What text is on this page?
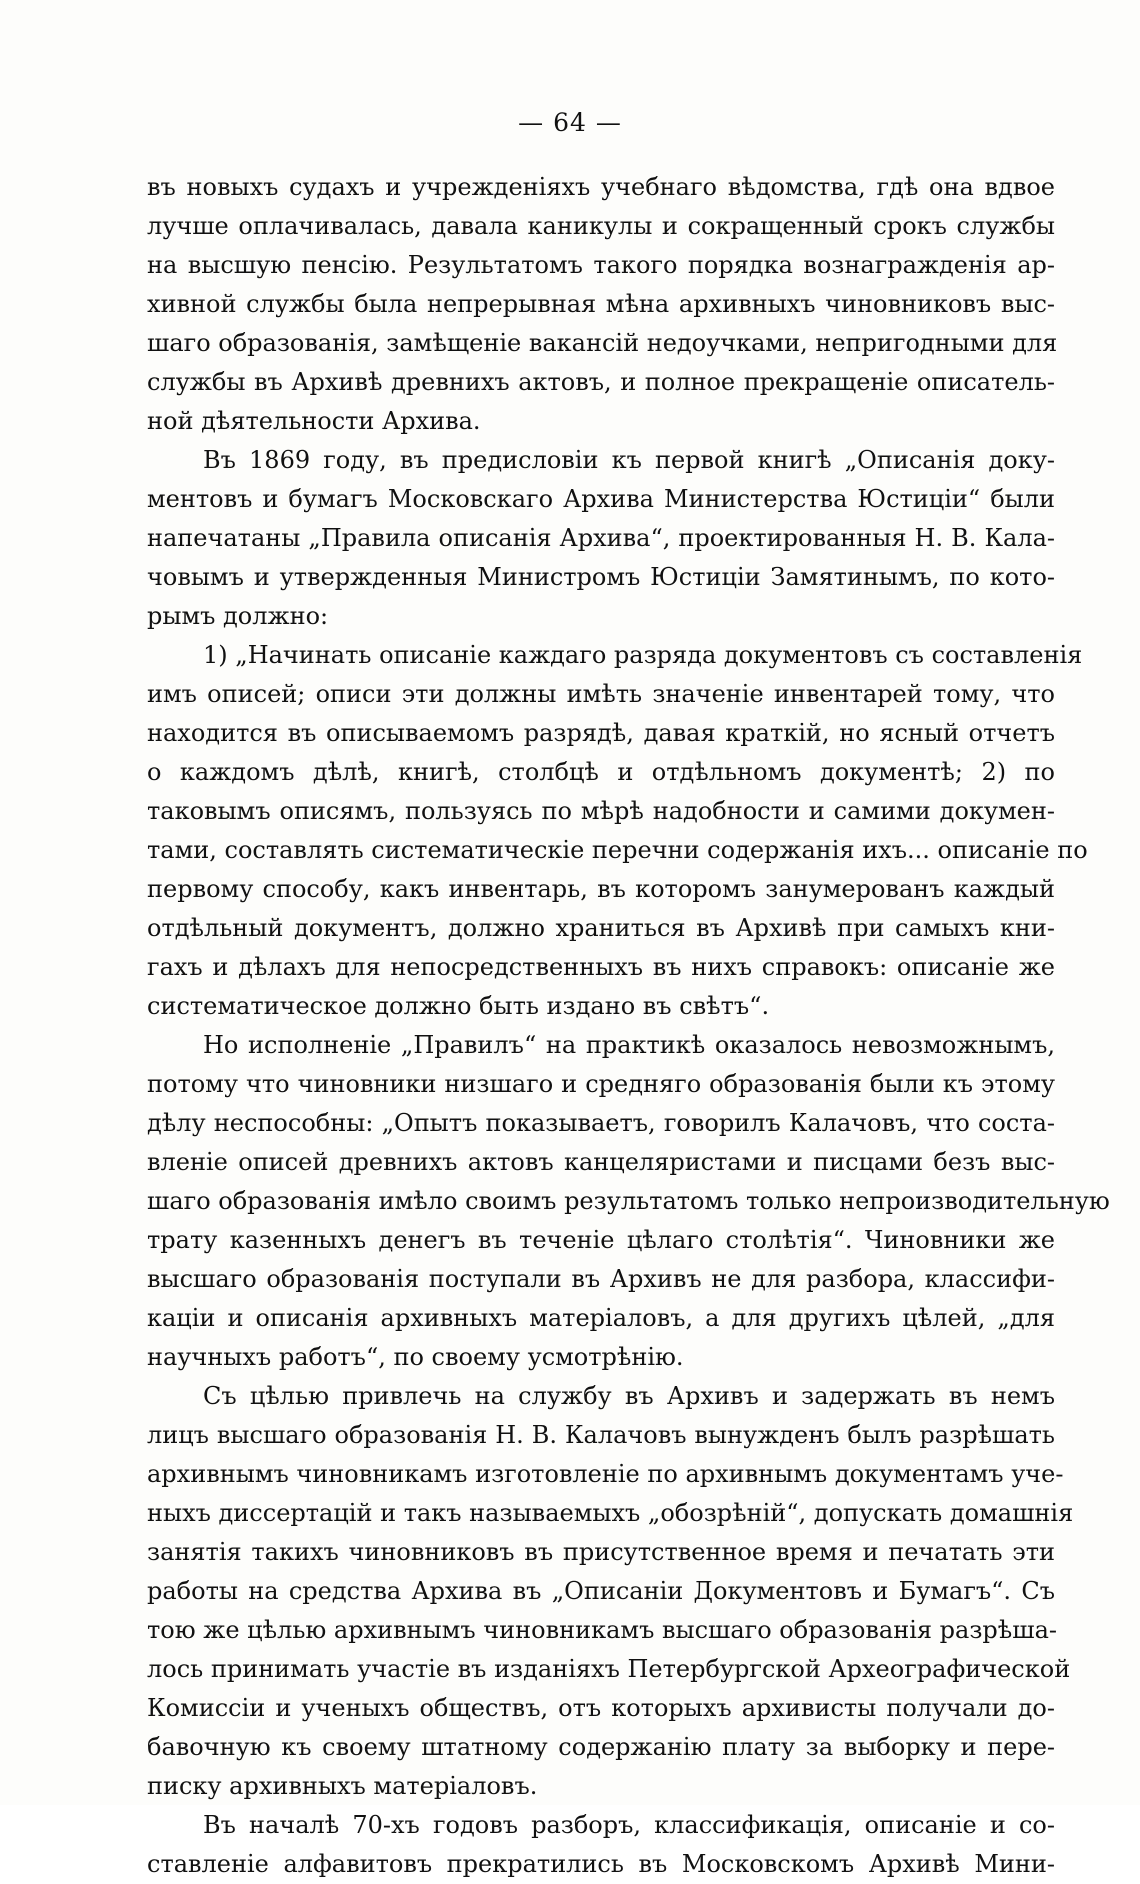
— 64 —

въ новыхъ судахъ и учрежденіяхъ учебнаго вѣдомства, гдѣ она вдвое
лучше оплачивалась, давала каникулы и сокращенный срокъ службы
на высшую пенсію. Результатомъ такого порядка вознагражденія ар-
хивной службы была непрерывная мѣна архивныхъ чиновниковъ выс-
шаго образованія, замѣщеніе вакансій недоучками, непригодными для
службы въ Архивѣ древнихъ актовъ, и полное прекращеніе описатель-
ной дѣятельности Архива.

Въ 1869 году, въ предисловіи къ первой книгѣ „Описанія доку-
ментовъ и бумагъ Московскаго Архива Министерства Юстиціи“ были
напечатаны „Правила описанія Архива“, проектированныя Н. В. Кала-
човымъ и утвержденныя Министромъ Юстиціи Замятинымъ, по кото-
рымъ должно:

1) „Начинать описаніе каждаго разряда документовъ съ составленія
имъ описей; описи эти должны имѣть значеніе инвентарей тому, что
находится въ описываемомъ разрядѣ, давая краткій, но ясный отчетъ
о каждомъ дѣлѣ, книгѣ, столбцѣ и отдѣльномъ документѣ; 2) по
таковымъ описямъ, пользуясь по мѣрѣ надобности и самими докумен-
тами, составлять систематическіе перечни содержанія ихъ... описаніе по
первому способу, какъ инвентарь, въ которомъ занумерованъ каждый
отдѣльный документъ, должно храниться въ Архивѣ при самыхъ кни-
гахъ и дѣлахъ для непосредственныхъ въ нихъ справокъ: описаніе же
систематическое должно быть издано въ свѣтъ“.

Но исполненіе „Правилъ“ на практикѣ оказалось невозможнымъ,
потому что чиновники низшаго и средняго образованія были къ этому
дѣлу неспособны: „Опытъ показываетъ, говорилъ Калачовъ, что соста-
вленіе описей древнихъ актовъ канцеляристами и писцами безъ выс-
шаго образованія имѣло своимъ результатомъ только непроизводительную
трату казенныхъ денегъ въ теченіе цѣлаго столѣтія“. Чиновники же
высшаго образованія поступали въ Архивъ не для разбора, классифи-
каціи и описанія архивныхъ матеріаловъ, а для другихъ цѣлей, „для
научныхъ работъ“, по своему усмотрѣнію.

Съ цѣлью привлечь на службу въ Архивъ и задержать въ немъ
лицъ высшаго образованія Н. В. Калачовъ вынужденъ былъ разрѣшать
архивнымъ чиновникамъ изготовленіе по архивнымъ документамъ уче-
ныхъ диссертацій и такъ называемыхъ „обозрѣній“, допускать домашнія
занятія такихъ чиновниковъ въ присутственное время и печатать эти
работы на средства Архива въ „Описаніи Документовъ и Бумагъ“. Съ
тою же цѣлью архивнымъ чиновникамъ высшаго образованія разрѣша-
лось принимать участіе въ изданіяхъ Петербургской Археографической
Комиссіи и ученыхъ обществъ, отъ которыхъ архивисты получали до-
бавочную къ своему штатному содержанію плату за выборку и пере-
писку архивныхъ матеріаловъ.

Въ началѣ 70-хъ годовъ разборъ, классификація, описаніе и со-
ставленіе алфавитовъ прекратились въ Московскомъ Архивѣ Мини-
